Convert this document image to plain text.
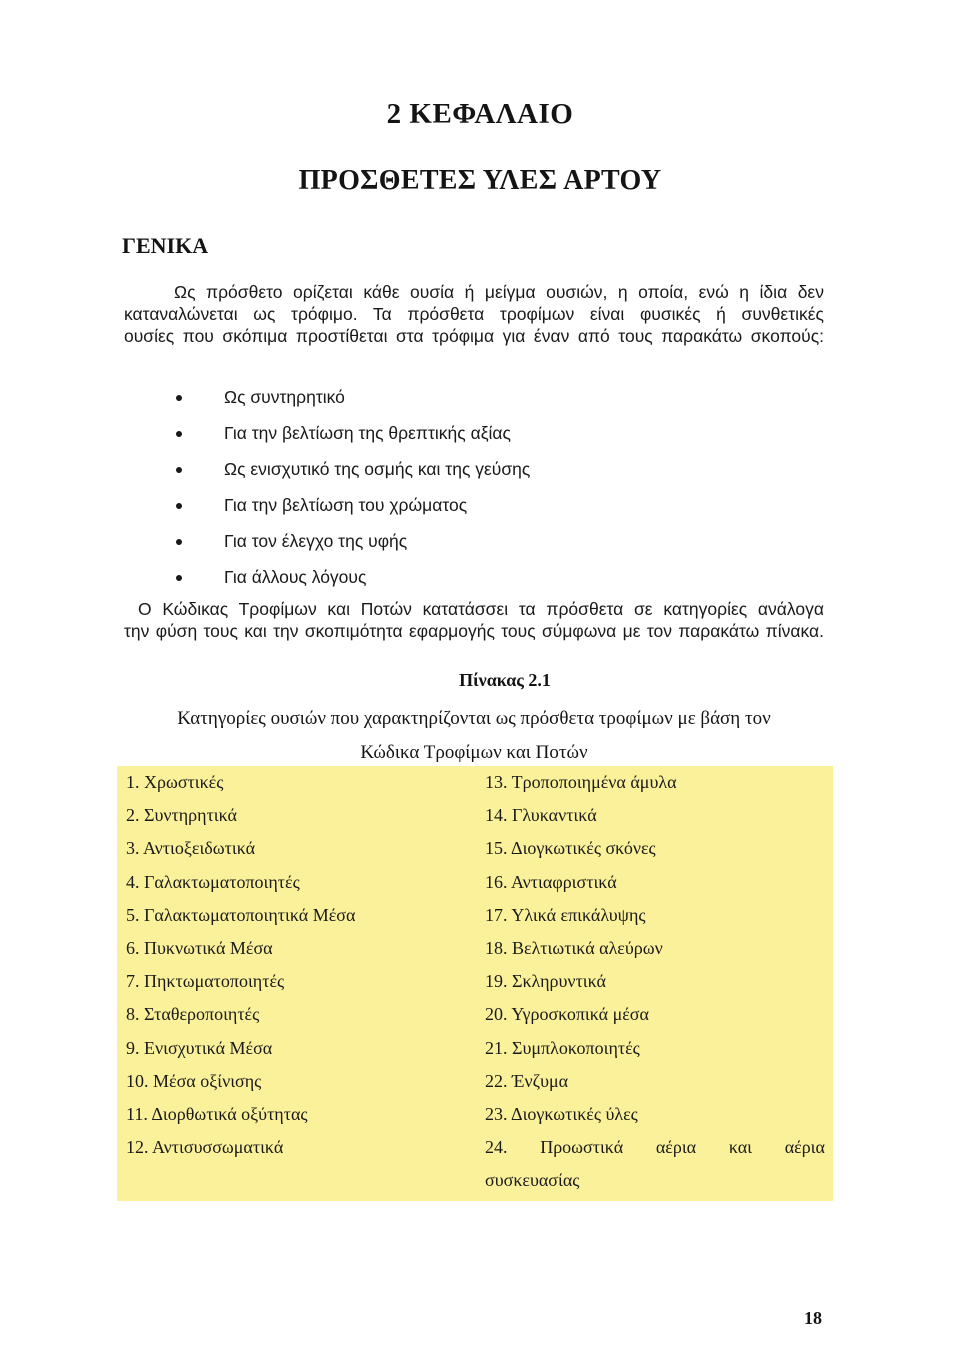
2 ΚΕΦΑΛΑΙΟ
ΠΡΟΣΘΕΤΕΣ ΥΛΕΣ ΑΡΤΟΥ
ΓΕΝΙΚΑ
Ως πρόσθετο ορίζεται κάθε ουσία ή μείγμα ουσιών, η οποία, ενώ η ίδια δεν
καταναλώνεται ως τρόφιμο. Τα πρόσθετα τροφίμων είναι φυσικές ή συνθετικές
ουσίες που σκόπιμα προστίθεται στα τρόφιμα για έναν από τους παρακάτω σκοπούς:
Ως συντηρητικό
Για την βελτίωση της θρεπτικής αξίας
Ως ενισχυτικό της οσμής και της γεύσης
Για την βελτίωση του χρώματος
Για τον έλεγχο της υφής
Για άλλους λόγους
Ο Κώδικας Τροφίμων και Ποτών κατατάσσει τα πρόσθετα σε κατηγορίες ανάλογα
την φύση τους και την σκοπιμότητα εφαρμογής τους σύμφωνα με τον παρακάτω πίνακα.
Πίνακας 2.1
Κατηγορίες ουσιών που χαρακτηρίζονται ως πρόσθετα τροφίμων με βάση τον
Κώδικα Τροφίμων και Ποτών
1. Χρωστικές
2. Συντηρητικά
3. Αντιοξειδωτικά
4. Γαλακτωματοποιητές
5. Γαλακτωματοποιητικά Μέσα
6. Πυκνωτικά Μέσα
7. Πηκτωματοποιητές
8. Σταθεροποιητές
9. Ενισχυτικά Μέσα
10. Μέσα οξίνισης
11. Διορθωτικά οξύτητας
12. Αντισυσσωματικά
13. Τροποποιημένα άμυλα
14. Γλυκαντικά
15. Διογκωτικές σκόνες
16. Αντιαφριστικά
17. Υλικά επικάλυψης
18. Βελτιωτικά αλεύρων
19. Σκληρυντικά
20. Υγροσκοπικά μέσα
21. Συμπλοκοποιητές
22. Ένζυμα
23. Διογκωτικές ύλες
24. Προωστικά αέρια και αέρια
συσκευασίας
18
